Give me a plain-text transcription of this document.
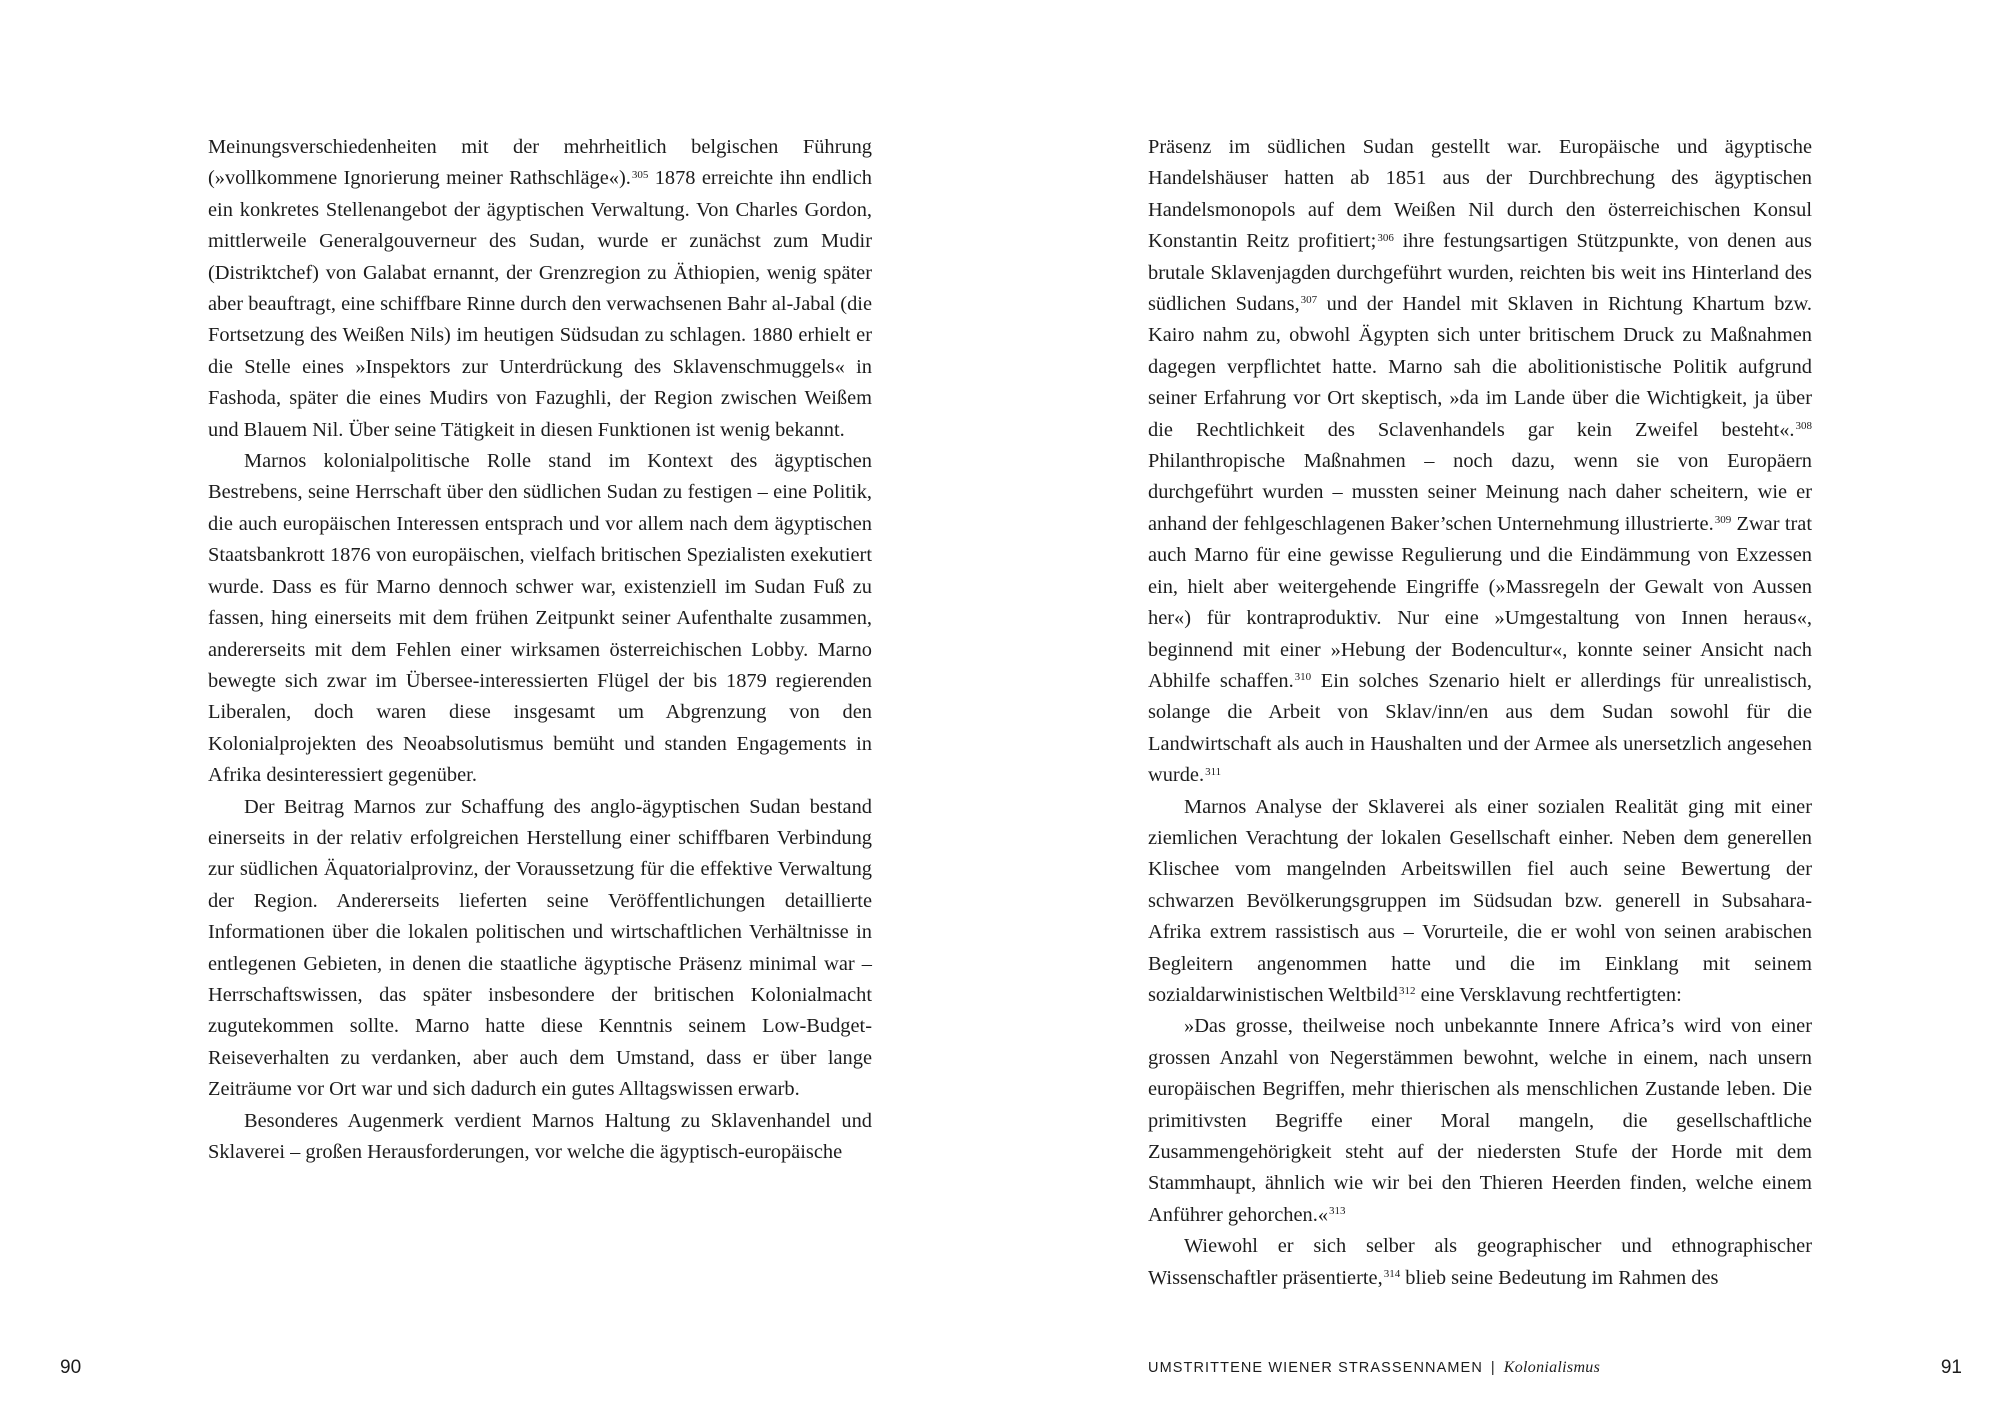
Meinungsverschiedenheiten mit der mehrheitlich belgischen Führung (»vollkommene Ignorierung meiner Rathschläge«).$^{305}$ 1878 erreichte ihn endlich ein konkretes Stellenangebot der ägyptischen Verwaltung. Von Charles Gordon, mittlerweile Generalgouverneur des Sudan, wurde er zunächst zum Mudir (Distriktchef) von Galabat ernannt, der Grenzregion zu Äthiopien, wenig später aber beauftragt, eine schiffbare Rinne durch den verwachsenen Bahr al-Jabal (die Fortsetzung des Weißen Nils) im heutigen Südsudan zu schlagen. 1880 erhielt er die Stelle eines »Inspektors zur Unterdrückung des Sklavenschmuggels« in Fashoda, später die eines Mudirs von Fazughli, der Region zwischen Weißem und Blauem Nil. Über seine Tätigkeit in diesen Funktionen ist wenig bekannt.

Marnos kolonialpolitische Rolle stand im Kontext des ägyptischen Bestrebens, seine Herrschaft über den südlichen Sudan zu festigen – eine Politik, die auch europäischen Interessen entsprach und vor allem nach dem ägyptischen Staatsbankrott 1876 von europäischen, vielfach britischen Spezialisten exekutiert wurde. Dass es für Marno dennoch schwer war, existenziell im Sudan Fuß zu fassen, hing einerseits mit dem frühen Zeitpunkt seiner Aufenthalte zusammen, andererseits mit dem Fehlen einer wirksamen österreichischen Lobby. Marno bewegte sich zwar im Übersee-interessierten Flügel der bis 1879 regierenden Liberalen, doch waren diese insgesamt um Abgrenzung von den Kolonialprojekten des Neoabsolutismus bemüht und standen Engagements in Afrika desinteressiert gegenüber.

Der Beitrag Marnos zur Schaffung des anglo-ägyptischen Sudan bestand einerseits in der relativ erfolgreichen Herstellung einer schiffbaren Verbindung zur südlichen Äquatorialprovinz, der Voraussetzung für die effektive Verwaltung der Region. Andererseits lieferten seine Veröffentlichungen detaillierte Informationen über die lokalen politischen und wirtschaftlichen Verhältnisse in entlegenen Gebieten, in denen die staatliche ägyptische Präsenz minimal war – Herrschaftswissen, das später insbesondere der britischen Kolonialmacht zugutekommen sollte. Marno hatte diese Kenntnis seinem Low-Budget-Reiseverhalten zu verdanken, aber auch dem Umstand, dass er über lange Zeiträume vor Ort war und sich dadurch ein gutes Alltagswissen erwarb.

Besonderes Augenmerk verdient Marnos Haltung zu Sklavenhandel und Sklaverei – großen Herausforderungen, vor welche die ägyptisch-europäische

90

Präsenz im südlichen Sudan gestellt war. Europäische und ägyptische Handelshäuser hatten ab 1851 aus der Durchbrechung des ägyptischen Handelsmonopols auf dem Weißen Nil durch den österreichischen Konsul Konstantin Reitz profitiert;$^{306}$ ihre festungsartigen Stützpunkte, von denen aus brutale Sklavenjagden durchgeführt wurden, reichten bis weit ins Hinterland des südlichen Sudans,$^{307}$ und der Handel mit Sklaven in Richtung Khartum bzw. Kairo nahm zu, obwohl Ägypten sich unter britischem Druck zu Maßnahmen dagegen verpflichtet hatte. Marno sah die abolitionistische Politik aufgrund seiner Erfahrung vor Ort skeptisch, »da im Lande über die Wichtigkeit, ja über die Rechtlichkeit des Sclavenhandels gar kein Zweifel besteht«.$^{308}$ Philanthropische Maßnahmen – noch dazu, wenn sie von Europäern durchgeführt wurden – mussten seiner Meinung nach daher scheitern, wie er anhand der fehlgeschlagenen Baker’schen Unternehmung illustrierte.$^{309}$ Zwar trat auch Marno für eine gewisse Regulierung und die Eindämmung von Exzessen ein, hielt aber weitergehende Eingriffe (»Massregeln der Gewalt von Aussen her«) für kontraproduktiv. Nur eine »Umgestaltung von Innen heraus«, beginnend mit einer »Hebung der Bodencultur«, konnte seiner Ansicht nach Abhilfe schaffen.$^{310}$ Ein solches Szenario hielt er allerdings für unrealistisch, solange die Arbeit von Sklav/inn/en aus dem Sudan sowohl für die Landwirtschaft als auch in Haushalten und der Armee als unersetzlich angesehen wurde.$^{311}$

Marnos Analyse der Sklaverei als einer sozialen Realität ging mit einer ziemlichen Verachtung der lokalen Gesellschaft einher. Neben dem generellen Klischee vom mangelnden Arbeitswillen fiel auch seine Bewertung der schwarzen Bevölkerungsgruppen im Südsudan bzw. generell in Subsahara-Afrika extrem rassistisch aus – Vorurteile, die er wohl von seinen arabischen Begleitern angenommen hatte und die im Einklang mit seinem sozialdarwinistischen Weltbild$^{312}$ eine Versklavung rechtfertigten:

»Das grosse, theilweise noch unbekannte Innere Africa’s wird von einer grossen Anzahl von Negerstämmen bewohnt, welche in einem, nach unsern europäischen Begriffen, mehr thierischen als menschlichen Zustande leben. Die primitivsten Begriffe einer Moral mangeln, die gesellschaftliche Zusammengehörigkeit steht auf der niedersten Stufe der Horde mit dem Stammhaupt, ähnlich wie wir bei den Thieren Heerden finden, welche einem Anführer gehorchen.«$^{313}$

Wiewohl er sich selber als geographischer und ethnographischer Wissenschaftler präsentierte,$^{314}$ blieb seine Bedeutung im Rahmen des

UMSTRITTENE WIENER STRASSENNAMEN | Kolonialismus	91
